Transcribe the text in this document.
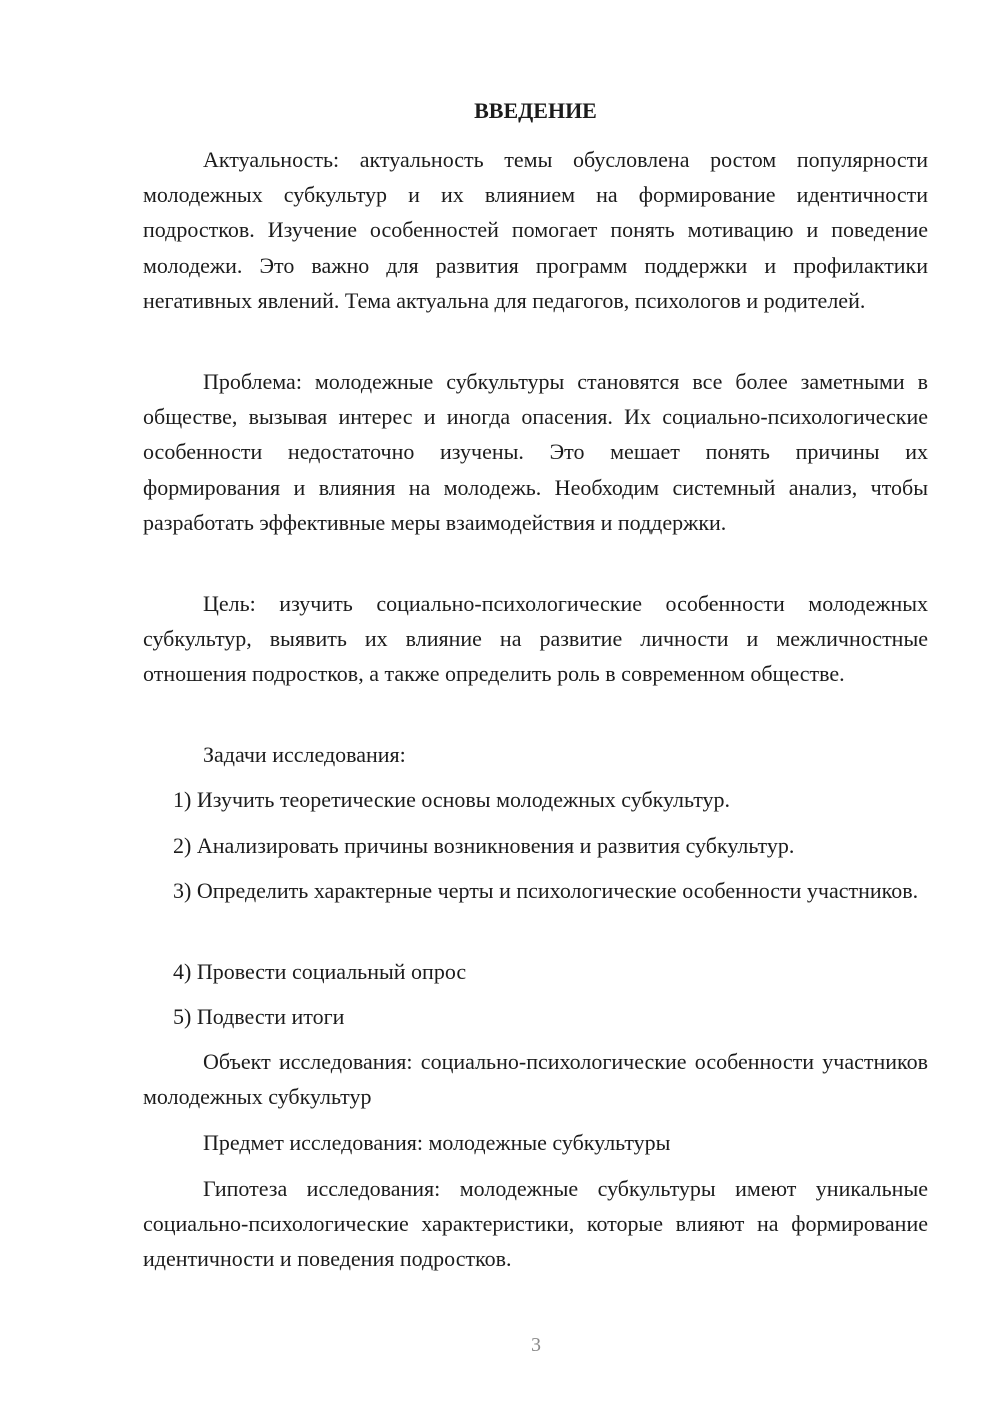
ВВЕДЕНИЕ

Актуальность: актуальность темы обусловлена ростом популярности молодежных субкультур и их влиянием на формирование идентичности подростков. Изучение особенностей помогает понять мотивацию и поведение молодежи. Это важно для развития программ поддержки и профилактики негативных явлений. Тема актуальна для педагогов, психологов и родителей.

Проблема: молодежные субкультуры становятся все более заметными в обществе, вызывая интерес и иногда опасения. Их социально-психологические особенности недостаточно изучены. Это мешает понять причины их формирования и влияния на молодежь. Необходим системный анализ, чтобы разработать эффективные меры взаимодействия и поддержки.

Цель: изучить социально-психологические особенности молодежных субкультур, выявить их влияние на развитие личности и межличностные отношения подростков, а также определить роль в современном обществе.

Задачи исследования:

1) Изучить теоретические основы молодежных субкультур.

2) Анализировать причины возникновения и развития субкультур.

3) Определить характерные черты и психологические особенности участников.

4) Провести социальный опрос

5) Подвести итоги

Объект исследования: социально-психологические особенности участников молодежных субкультур

Предмет исследования: молодежные субкультуры

Гипотеза исследования: молодежные субкультуры имеют уникальные социально-психологические характеристики, которые влияют на формирование идентичности и поведения подростков.

3
